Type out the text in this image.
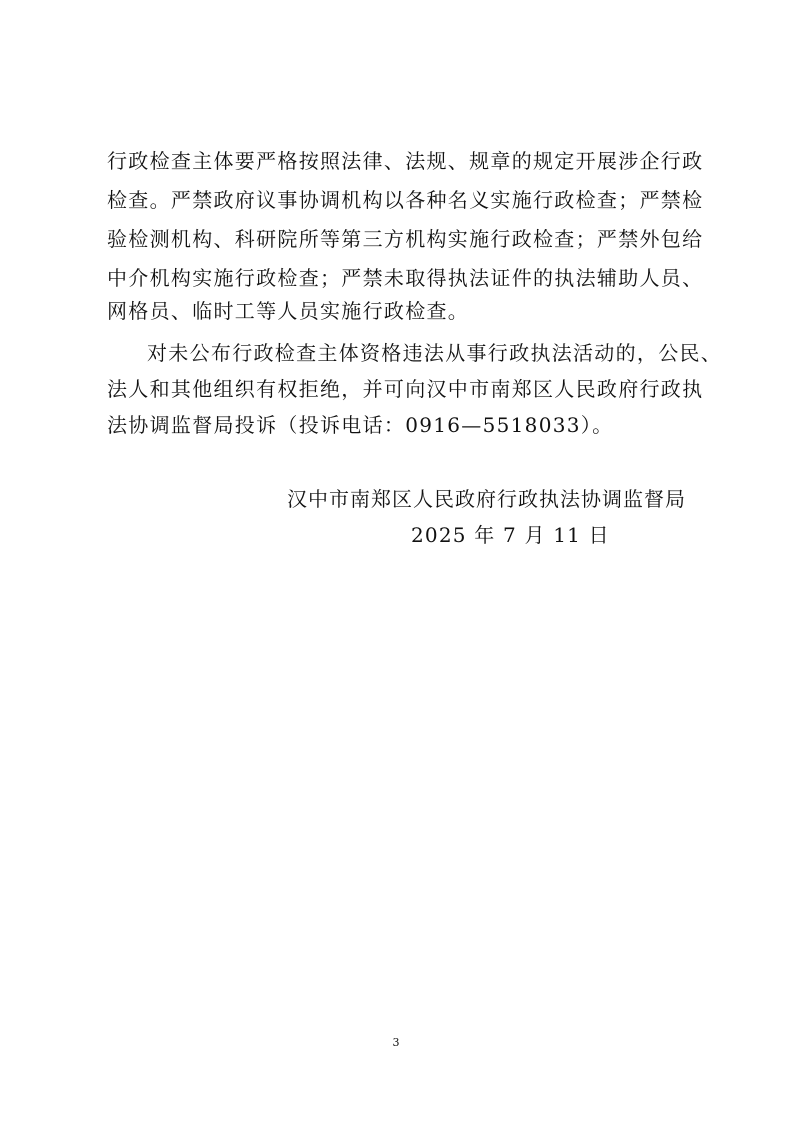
行政检查主体要严格按照法律、法规、规章的规定开展涉企行政
检查。严禁政府议事协调机构以各种名义实施行政检查；严禁检
验检测机构、科研院所等第三方机构实施行政检查；严禁外包给
中介机构实施行政检查；严禁未取得执法证件的执法辅助人员、
网格员、临时工等人员实施行政检查。
对未公布行政检查主体资格违法从事行政执法活动的，公民、
法人和其他组织有权拒绝，并可向汉中市南郑区人民政府行政执
法协调监督局投诉（投诉电话：0916—5518033）。
汉中市南郑区人民政府行政执法协调监督局
2025 年 7 月 11 日
3
